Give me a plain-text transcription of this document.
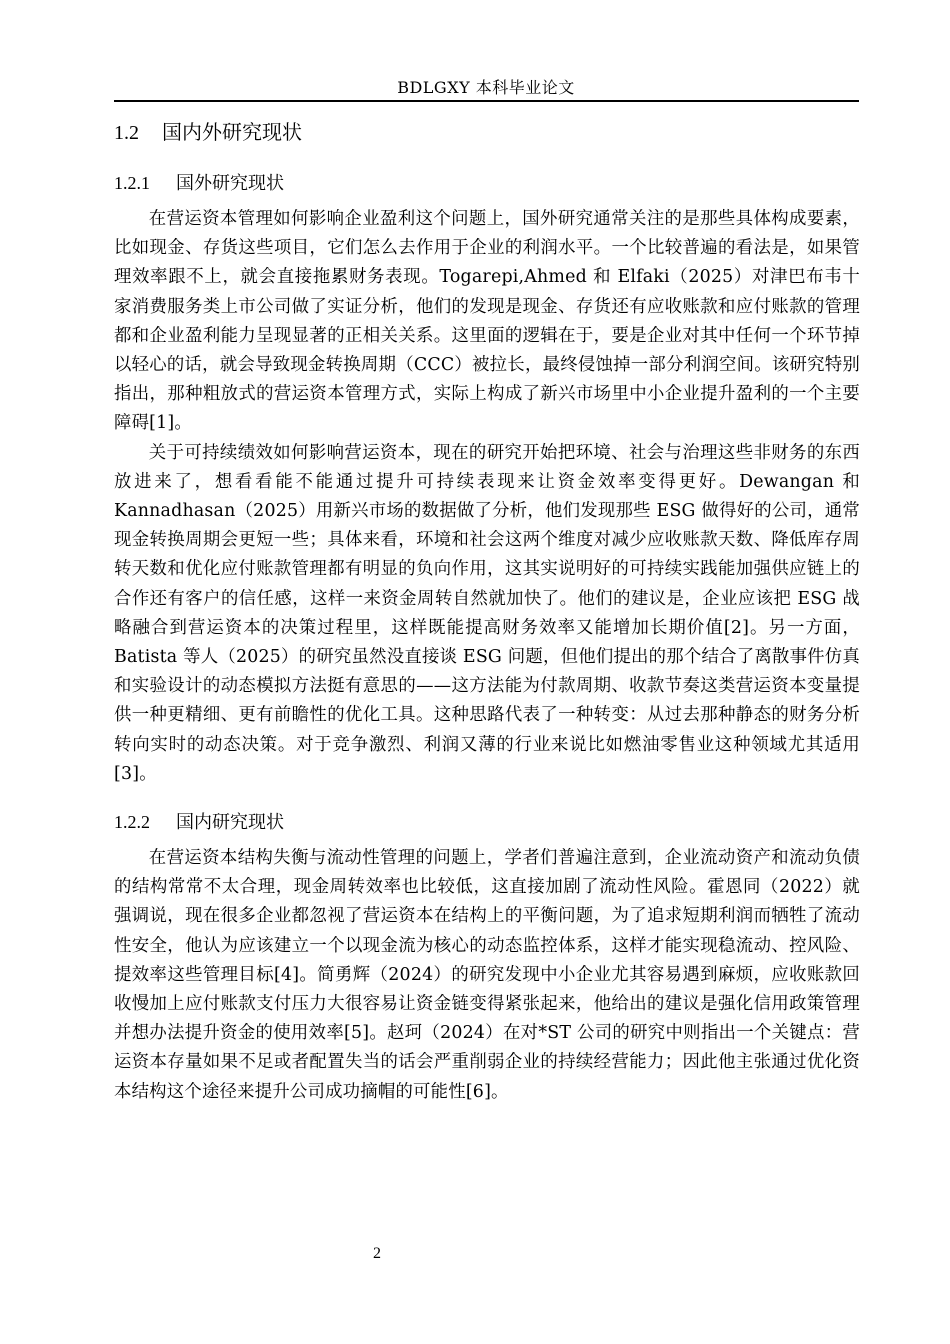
BDLGXY 本科毕业论文
1.2 国内外研究现状
1.2.1 国外研究现状

在营运资本管理如何影响企业盈利这个问题上，国外研究通常关注的是那些具体构成要素，比如现金、存货这些项目，它们怎么去作用于企业的利润水平。一个比较普遍的看法是，如果管理效率跟不上，就会直接拖累财务表现。Togarepi,Ahmed 和 Elfaki（2025）对津巴布韦十家消费服务类上市公司做了实证分析，他们的发现是现金、存货还有应收账款和应付账款的管理都和企业盈利能力呈现显著的正相关关系。这里面的逻辑在于，要是企业对其中任何一个环节掉以轻心的话，就会导致现金转换周期（CCC）被拉长，最终侵蚀掉一部分利润空间。该研究特别指出，那种粗放式的营运资本管理方式，实际上构成了新兴市场里中小企业提升盈利的一个主要障碍[1]。

关于可持续绩效如何影响营运资本，现在的研究开始把环境、社会与治理这些非财务的东西放进来了，想看看能不能通过提升可持续表现来让资金效率变得更好。Dewangan 和 Kannadhasan（2025）用新兴市场的数据做了分析，他们发现那些 ESG 做得好的公司，通常现金转换周期会更短一些；具体来看，环境和社会这两个维度对减少应收账款天数、降低库存周转天数和优化应付账款管理都有明显的负向作用，这其实说明好的可持续实践能加强供应链上的合作还有客户的信任感，这样一来资金周转自然就加快了。他们的建议是，企业应该把 ESG 战略融合到营运资本的决策过程里，这样既能提高财务效率又能增加长期价值[2]。另一方面，Batista 等人（2025）的研究虽然没直接谈 ESG 问题，但他们提出的那个结合了离散事件仿真和实验设计的动态模拟方法挺有意思的——这方法能为付款周期、收款节奏这类营运资本变量提供一种更精细、更有前瞻性的优化工具。这种思路代表了一种转变：从过去那种静态的财务分析转向实时的动态决策。对于竞争激烈、利润又薄的行业来说比如燃油零售业这种领域尤其适用[3]。

1.2.2 国内研究现状

在营运资本结构失衡与流动性管理的问题上，学者们普遍注意到，企业流动资产和流动负债的结构常常不太合理，现金周转效率也比较低，这直接加剧了流动性风险。霍恩同（2022）就强调说，现在很多企业都忽视了营运资本在结构上的平衡问题，为了追求短期利润而牺牲了流动性安全，他认为应该建立一个以现金流为核心的动态监控体系，这样才能实现稳流动、控风险、提效率这些管理目标[4]。简勇辉（2024）的研究发现中小企业尤其容易遇到麻烦，应收账款回收慢加上应付账款支付压力大很容易让资金链变得紧张起来，他给出的建议是强化信用政策管理并想办法提升资金的使用效率[5]。赵珂（2024）在对*ST 公司的研究中则指出一个关键点：营运资本存量如果不足或者配置失当的话会严重削弱企业的持续经营能力；因此他主张通过优化资本结构这个途径来提升公司成功摘帽的可能性[6]。

2
